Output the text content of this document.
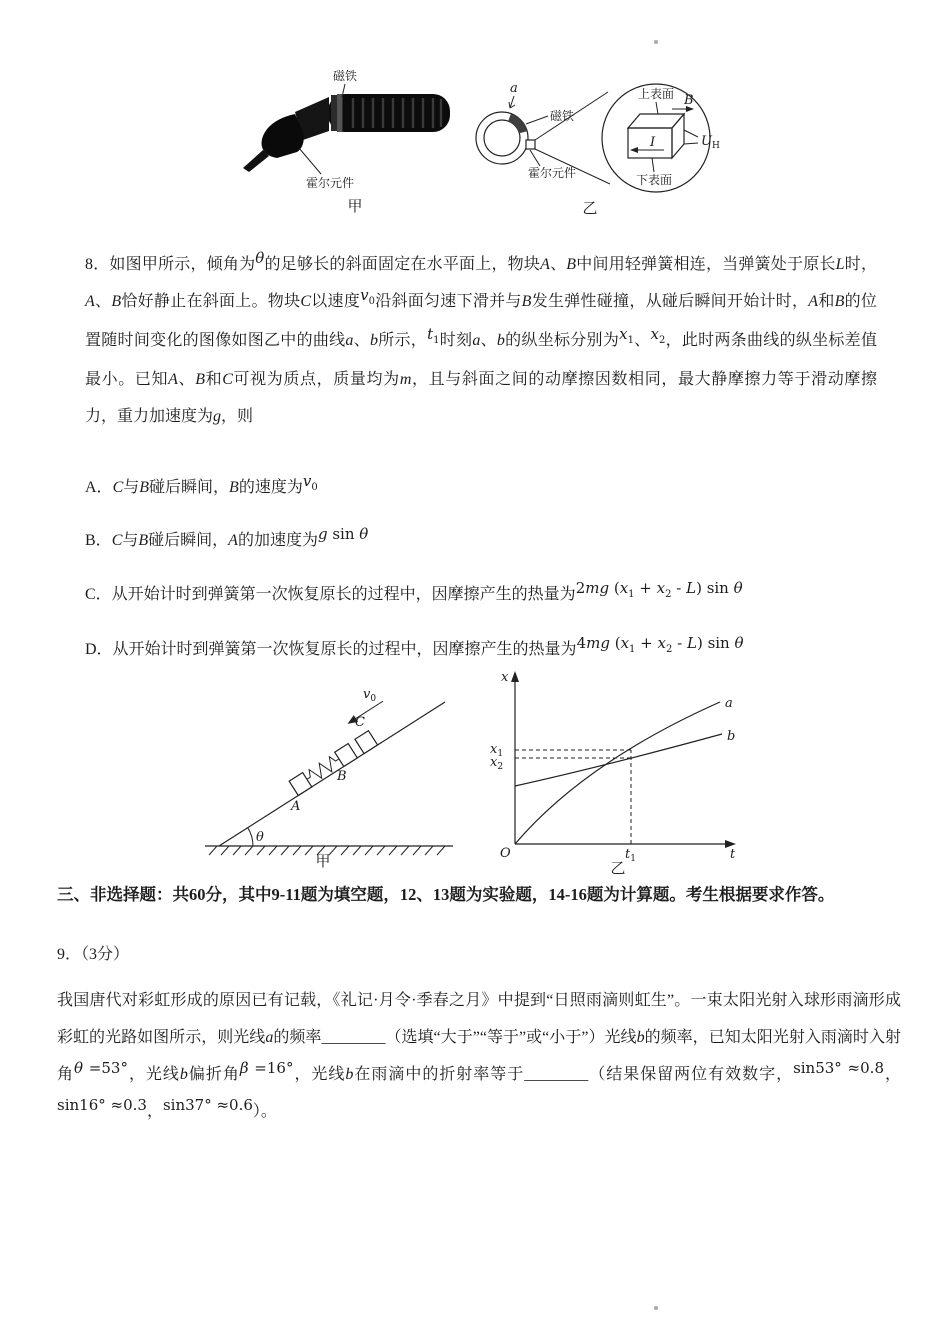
磁铁
霍尔元件
甲
a
磁铁
霍尔元件
上表面
下表面
B
$U_H$
I
乙

8．如图甲所示，倾角为θ的足够长的斜面固定在水平面上，物块A、B中间用轻弹簧相连，当弹簧处于原长L时，A、B恰好静止在斜面上。物块C以速度v0沿斜面匀速下滑并与B发生弹性碰撞，从碰后瞬间开始计时，A和B的位置随时间变化的图像如图乙中的曲线a、b所示，t1时刻a、b的纵坐标分别为x1、x2，此时两条曲线的纵坐标差值最小。已知A、B和C可视为质点，质量均为m，且与斜面之间的动摩擦因数相同，最大静摩擦力等于滑动摩擦力，重力加速度为g，则

A．C与B碰后瞬间，B的速度为v0
B．C与B碰后瞬间，A的加速度为g sin θ
C．从开始计时到弹簧第一次恢复原长的过程中，因摩擦产生的热量为2mg (x1 + x2 - L) sin θ
D．从开始计时到弹簧第一次恢复原长的过程中，因摩擦产生的热量为4mg (x1 + x2 - L) sin θ
θ
A
B
C
$v_0$
甲
x
t
O
a
b
$x_1$
$x_2$
$t_1$
乙
三、非选择题：共60分，其中9-11题为填空题，12、13题为实验题，14-16题为计算题。考生根据要求作答。
9．（3分）

我国唐代对彩虹形成的原因已有记载，《礼记·月令·季春之月》中提到“日照雨滴则虹生”。一束太阳光射入球形雨滴形成彩虹的光路如图所示，则光线a的频率________（选填“大于”“等于”或“小于”）光线b的频率，已知太阳光射入雨滴时入射角θ =53°，光线b偏折角β =16°，光线b在雨滴中的折射率等于________（结果保留两位有效数字，sin53° ≈0.8，sin16° ≈0.3，sin37° ≈0.6）。
